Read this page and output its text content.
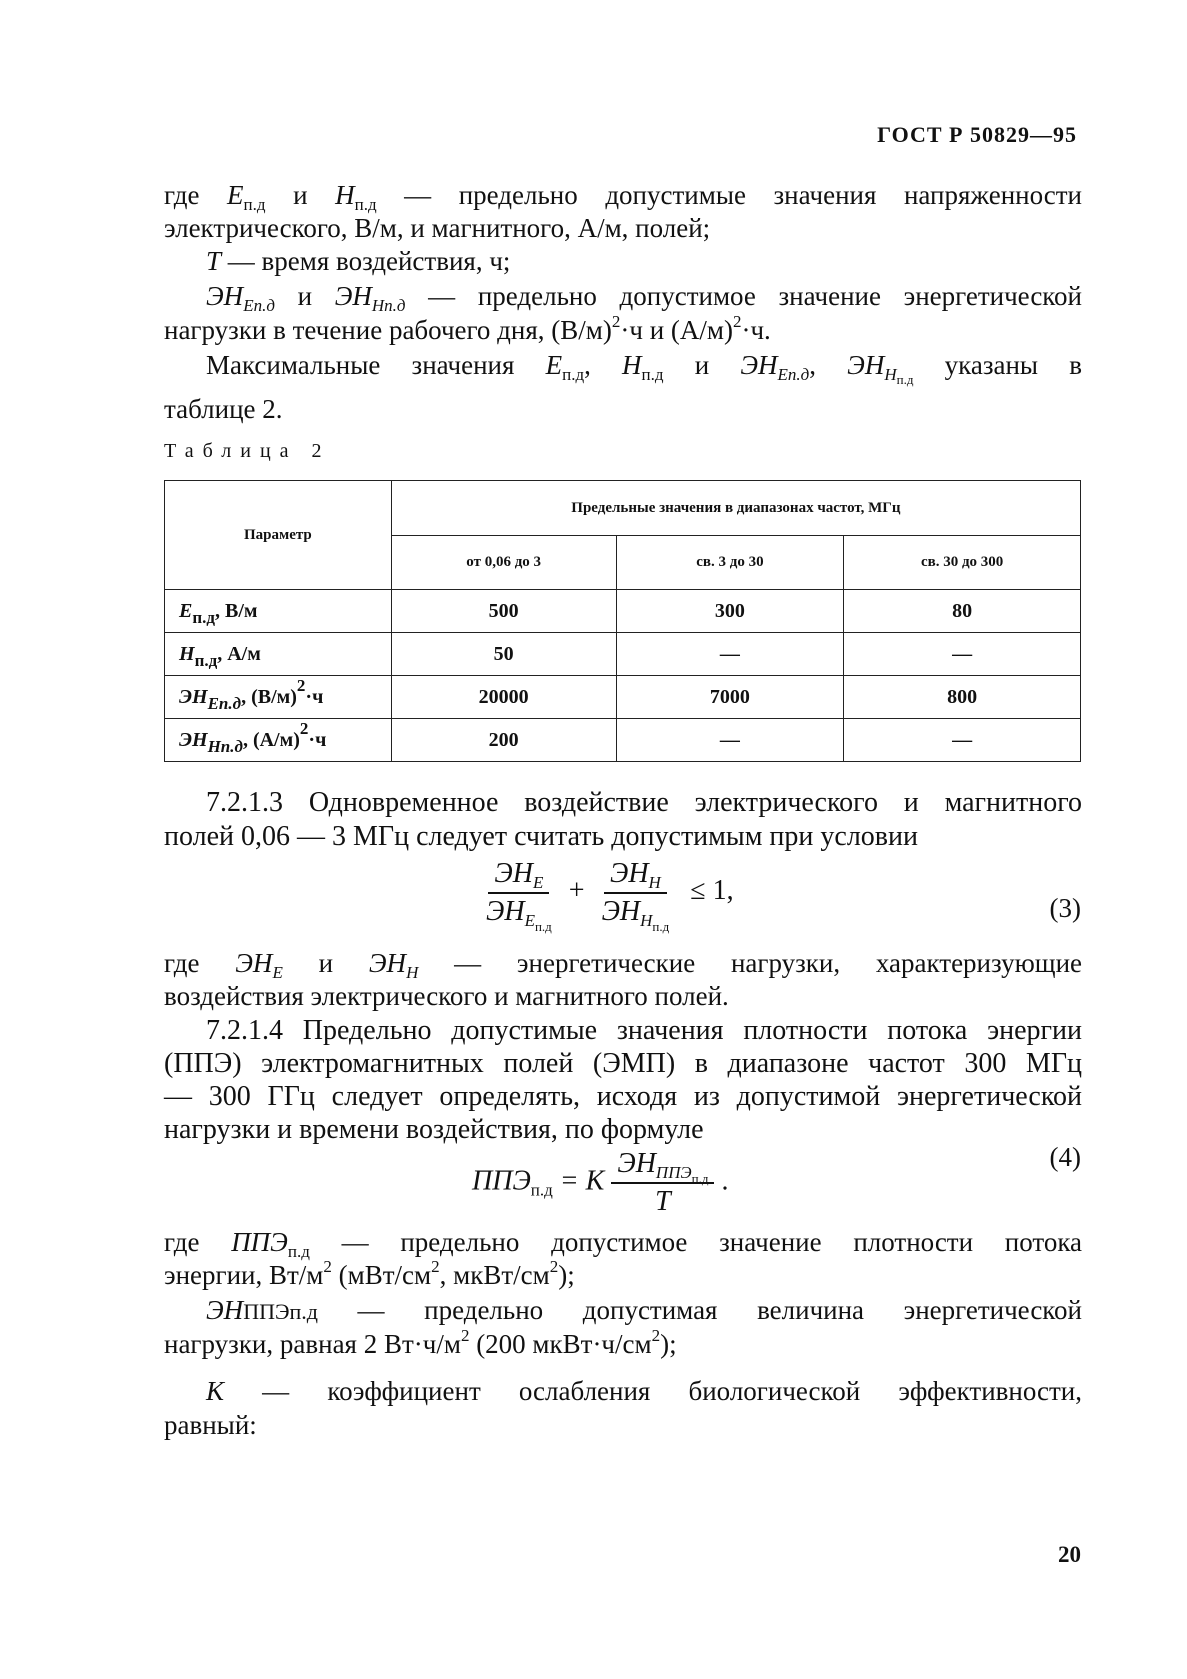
ГОСТ Р 50829—95
где $E_{п.д}$ и $H_{п.д}$ — предельно допустимые значения напряженности
электрического, В/м, и магнитного, А/м, полей;
T — время воздействия, ч;
$ЭН_{Eп.д}$ и $ЭН_{Hп.д}$ — предельно допустимое значение энергетической
нагрузки в течение рабочего дня, $(В/м)^2\cdot ч$ и $(А/м)^2\cdot ч$.
Максимальные значения $E_{п.д}$, $H_{п.д}$ и $ЭН_{Eп.д}$, $ЭН_{H_{п.д}}$ указаны в
таблице 2.
Таблица 2
Параметр	Предельные значения в диапазонах частот, МГц		
	от 0,06 до 3	св. 3 до 30	св. 30 до 300
$E_{п.д}$, В/м	500	300	80
$H_{п.д}$, А/м	50	—	—
$ЭН_{Eп.д}$, $(В/м)^2\cdot ч$	20000	7000	800
$ЭН_{Hп.д}$, $(А/м)^2\cdot ч$	200	—	—
7.2.1.3 Одновременное воздействие электрического и магнитного
полей 0,06 — 3 МГц следует считать допустимым при условии
$\frac{ЭН_E}{ЭН_{E_{п.д}}} + \frac{ЭН_H}{ЭН_{H_{п.д}}} \le 1$,
(3)
где $ЭН_E$ и $ЭН_H$ — энергетические нагрузки, характеризующие
воздействия электрического и магнитного полей.
7.2.1.4 Предельно допустимые значения плотности потока энергии
(ППЭ) электромагнитных полей (ЭМП) в диапазоне частот 300 МГц
— 300 ГГц следует определять, исходя из допустимой энергетической
нагрузки и времени воздействия, по формуле
$ППЭ_{п.д} = K \frac{ЭН_{ППЭ_{п.д}}}{T}$ .
(4)
где $ППЭ_{п.д}$ — предельно допустимое значение плотности потока
энергии, $Вт/м^2$ ($мВт/см^2$, мкВт/$см^2$);
ЭНППЭп.д — предельно допустимая величина энергетической
нагрузки, равная 2 $Вт\cdot ч/м^2$ (200 $мкВт\cdot ч/см^2$);
K — коэффициент ослабления биологической эффективности,
равный:
20
